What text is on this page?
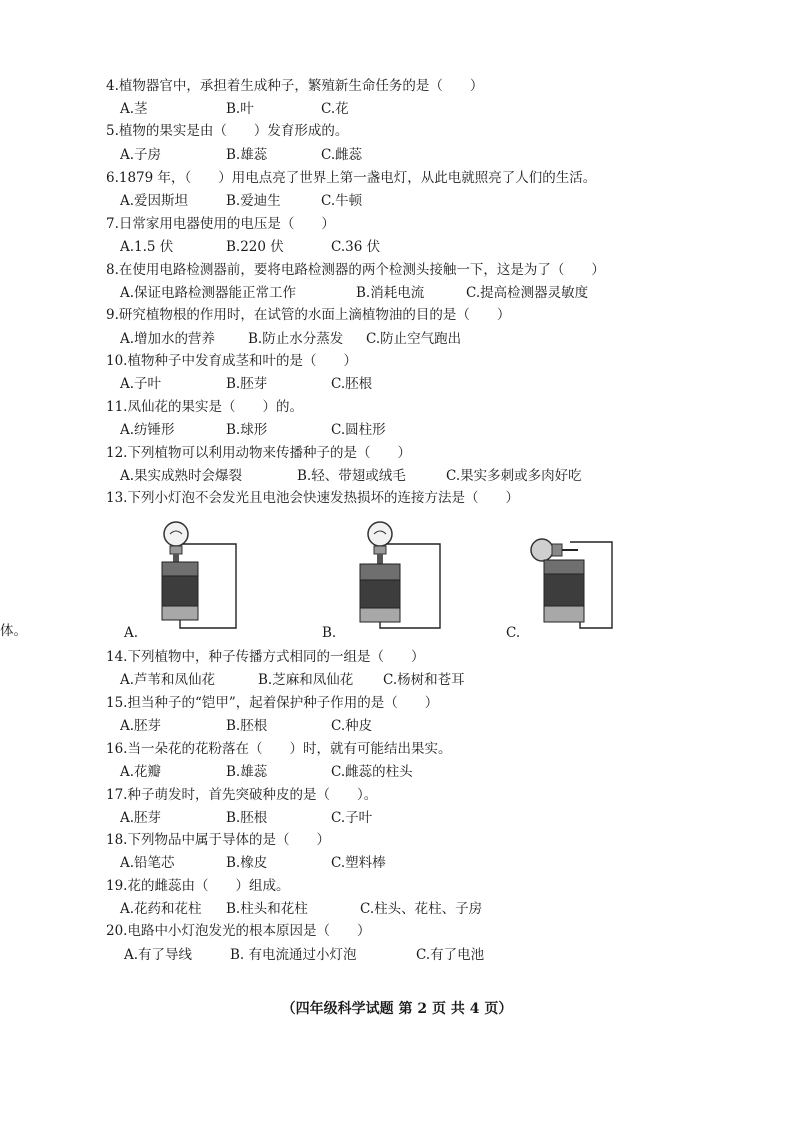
体。
4.植物器官中，承担着生成种子，繁殖新生命任务的是（　　）
A.茎	B.叶	C.花
5.植物的果实是由（　　）发育形成的。
A.子房	B.雄蕊	C.雌蕊
6.1879 年，（　　）用电点亮了世界上第一盏电灯，从此电就照亮了人们的生活。
A.爱因斯坦	B.爱迪生	C.牛顿
7.日常家用电器使用的电压是（　　）
A.1.5 伏	B.220 伏	C.36 伏
8.在使用电路检测器前，要将电路检测器的两个检测头接触一下，这是为了（　　）
A.保证电路检测器能正常工作	B.消耗电流	C.提高检测器灵敏度
9.研究植物根的作用时，在试管的水面上滴植物油的目的是（　　）
A.增加水的营养 B.防止水分蒸发 C.防止空气跑出
10.植物种子中发育成茎和叶的是（　　）
A.子叶	B.胚芽	C.胚根
11.凤仙花的果实是（　　）的。
A.纺锤形	B.球形	C.圆柱形
12.下列植物可以利用动物来传播种子的是（　　）
A.果实成熟时会爆裂	B.轻、带翅或绒毛	C.果实多刺或多肉好吃
13.下列小灯泡不会发光且电池会快速发热损坏的连接方法是（　　）
A.	B.	C.
14.下列植物中，种子传播方式相同的一组是（　　）
A.芦苇和凤仙花	B.芝麻和凤仙花 C.杨树和苍耳
15.担当种子的“铠甲”，起着保护种子作用的是（　　）
A.胚芽	B.胚根	C.种皮
16.当一朵花的花粉落在（　　）时，就有可能结出果实。
A.花瓣	B.雄蕊	C.雌蕊的柱头
17.种子萌发时，首先突破种皮的是（　　）。
A.胚芽	B.胚根	C.子叶
18.下列物品中属于导体的是（　　）
A.铅笔芯	B.橡皮	C.塑料棒
19.花的雌蕊由（　　）组成。
A.花药和花柱 B.柱头和花柱	C.柱头、花柱、子房
20.电路中小灯泡发光的根本原因是（　　）
A.有了导线	B. 有电流通过小灯泡	C.有了电池
（四年级科学试题 第 2 页 共 4 页）
